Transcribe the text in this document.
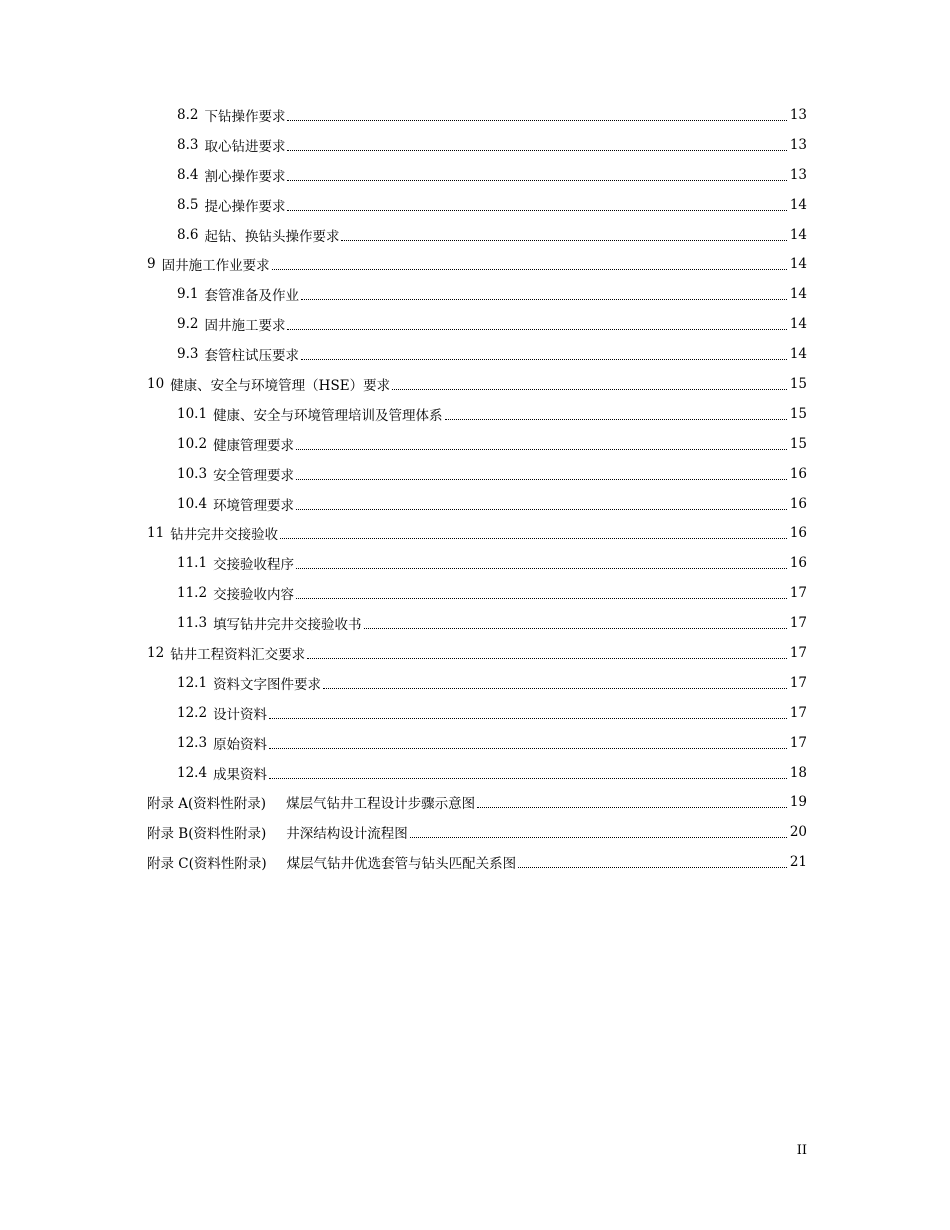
8.2 下钻操作要求	13
8.3 取心钻进要求	13
8.4 割心操作要求	13
8.5 提心操作要求	14
8.6 起钻、换钻头操作要求	14
9 固井施工作业要求	14
9.1 套管准备及作业	14
9.2 固井施工要求	14
9.3 套管柱试压要求	14
10 健康、安全与环境管理（HSE）要求	15
10.1 健康、安全与环境管理培训及管理体系	15
10.2 健康管理要求	15
10.3 安全管理要求	16
10.4 环境管理要求	16
11 钻井完井交接验收	16
11.1 交接验收程序	16
11.2 交接验收内容	17
11.3 填写钻井完井交接验收书	17
12 钻井工程资料汇交要求	17
12.1 资料文字图件要求	17
12.2 设计资料	17
12.3 原始资料	17
12.4 成果资料	18
附录 A(资料性附录) 煤层气钻井工程设计步骤示意图	19
附录 B(资料性附录) 井深结构设计流程图	20
附录 C(资料性附录) 煤层气钻井优选套管与钻头匹配关系图	21
II
